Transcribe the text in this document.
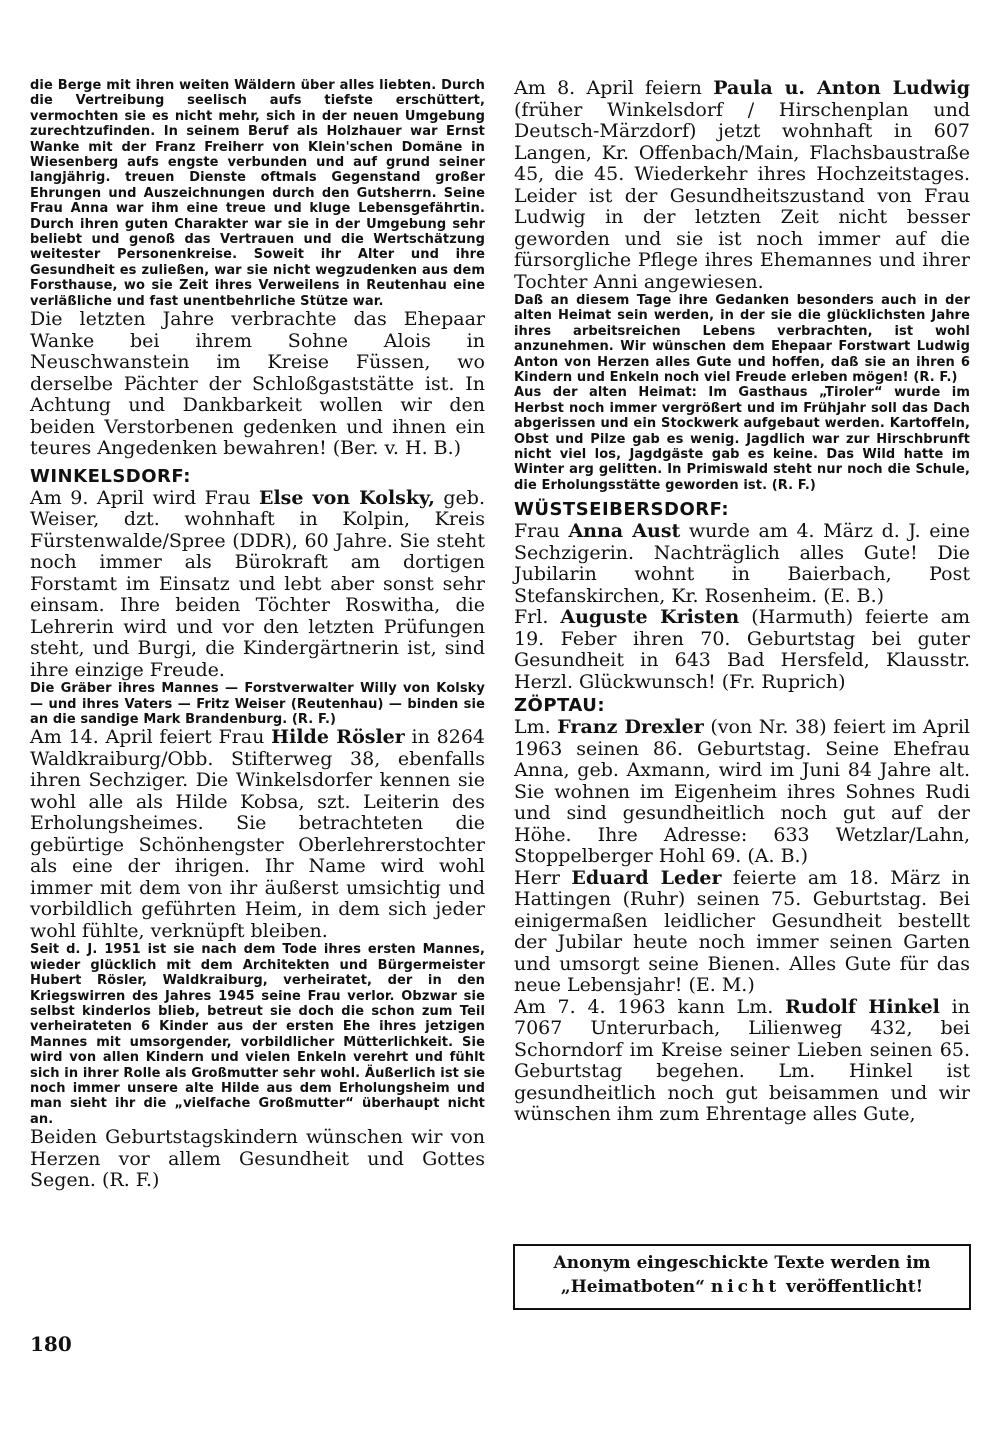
die Berge mit ihren weiten Wäldern über alles liebten. Durch die Vertreibung seelisch aufs tiefste erschüttert, vermochten sie es nicht mehr, sich in der neuen Umgebung zurechtzufinden. In seinem Beruf als Holzhauer war Ernst Wanke mit der Franz Freiherr von Klein'schen Domäne in Wiesenberg aufs engste verbunden und auf grund seiner langjährig. treuen Dienste oftmals Gegenstand großer Ehrungen und Auszeichnungen durch den Gutsherrn. Seine Frau Anna war ihm eine treue und kluge Lebensgefährtin. Durch ihren guten Charakter war sie in der Umgebung sehr beliebt und genoß das Vertrauen und die Wertschätzung weitester Personenkreise. Soweit ihr Alter und ihre Gesundheit es zuließen, war sie nicht wegzudenken aus dem Forsthause, wo sie Zeit ihres Verweilens in Reutenhau eine verläßliche und fast unentbehrliche Stütze war.

Die letzten Jahre verbrachte das Ehepaar Wanke bei ihrem Sohne Alois in Neuschwanstein im Kreise Füssen, wo derselbe Pächter der Schloßgaststätte ist. In Achtung und Dankbarkeit wollen wir den beiden Verstorbenen gedenken und ihnen ein teures Angedenken bewahren! (Ber. v. H. B.)

WINKELSDORF:

Am 9. April wird Frau Else von Kolsky, geb. Weiser, dzt. wohnhaft in Kolpin, Kreis Fürstenwalde/Spree (DDR), 60 Jahre. Sie steht noch immer als Bürokraft am dortigen Forstamt im Einsatz und lebt aber sonst sehr einsam. Ihre beiden Töchter Roswitha, die Lehrerin wird und vor den letzten Prüfungen steht, und Burgi, die Kindergärtnerin ist, sind ihre einzige Freude.

Die Gräber ihres Mannes — Forstverwalter Willy von Kolsky — und ihres Vaters — Fritz Weiser (Reutenhau) — binden sie an die sandige Mark Brandenburg. (R. F.)

Am 14. April feiert Frau Hilde Rösler in 8264 Waldkraiburg/Obb. Stifterweg 38, ebenfalls ihren Sechziger. Die Winkelsdorfer kennen sie wohl alle als Hilde Kobsa, szt. Leiterin des Erholungsheimes. Sie betrachteten die gebürtige Schönhengster Oberlehrerstochter als eine der ihrigen. Ihr Name wird wohl immer mit dem von ihr äußerst umsichtig und vorbildlich geführten Heim, in dem sich jeder wohl fühlte, verknüpft bleiben.

Seit d. J. 1951 ist sie nach dem Tode ihres ersten Mannes, wieder glücklich mit dem Architekten und Bürgermeister Hubert Rösler, Waldkraiburg, verheiratet, der in den Kriegswirren des Jahres 1945 seine Frau verlor. Obzwar sie selbst kinderlos blieb, betreut sie doch die schon zum Teil verheirateten 6 Kinder aus der ersten Ehe ihres jetzigen Mannes mit umsorgender, vorbildlicher Mütterlichkeit. Sie wird von allen Kindern und vielen Enkeln verehrt und fühlt sich in ihrer Rolle als Großmutter sehr wohl. Äußerlich ist sie noch immer unsere alte Hilde aus dem Erholungsheim und man sieht ihr die „vielfache Großmutter“ überhaupt nicht an.

Beiden Geburtstagskindern wünschen wir von Herzen vor allem Gesundheit und Gottes Segen. (R. F.)

Am 8. April feiern Paula u. Anton Ludwig (früher Winkelsdorf / Hirschenplan und Deutsch-Märzdorf) jetzt wohnhaft in 607 Langen, Kr. Offenbach/Main, Flachsbaustraße 45, die 45. Wiederkehr ihres Hochzeitstages. Leider ist der Gesundheitszustand von Frau Ludwig in der letzten Zeit nicht besser geworden und sie ist noch immer auf die fürsorgliche Pflege ihres Ehemannes und ihrer Tochter Anni angewiesen.

Daß an diesem Tage ihre Gedanken besonders auch in der alten Heimat sein werden, in der sie die glücklichsten Jahre ihres arbeitsreichen Lebens verbrachten, ist wohl anzunehmen. Wir wünschen dem Ehepaar Forstwart Ludwig Anton von Herzen alles Gute und hoffen, daß sie an ihren 6 Kindern und Enkeln noch viel Freude erleben mögen! (R. F.)

Aus der alten Heimat: Im Gasthaus „Tiroler“ wurde im Herbst noch immer vergrößert und im Frühjahr soll das Dach abgerissen und ein Stockwerk aufgebaut werden. Kartoffeln, Obst und Pilze gab es wenig. Jagdlich war zur Hirschbrunft nicht viel los, Jagdgäste gab es keine. Das Wild hatte im Winter arg gelitten. In Primiswald steht nur noch die Schule, die Erholungsstätte geworden ist. (R. F.)

WÜSTSEIBERSDORF:

Frau Anna Aust wurde am 4. März d. J. eine Sechzigerin. Nachträglich alles Gute! Die Jubilarin wohnt in Baierbach, Post Stefanskirchen, Kr. Rosenheim. (E. B.)

Frl. Auguste Kristen (Harmuth) feierte am 19. Feber ihren 70. Geburtstag bei guter Gesundheit in 643 Bad Hersfeld, Klausstr. Herzl. Glückwunsch! (Fr. Ruprich)

ZÖPTAU:

Lm. Franz Drexler (von Nr. 38) feiert im April 1963 seinen 86. Geburtstag. Seine Ehefrau Anna, geb. Axmann, wird im Juni 84 Jahre alt. Sie wohnen im Eigenheim ihres Sohnes Rudi und sind gesundheitlich noch gut auf der Höhe. Ihre Adresse: 633 Wetzlar/Lahn, Stoppelberger Hohl 69. (A. B.)

Herr Eduard Leder feierte am 18. März in Hattingen (Ruhr) seinen 75. Geburtstag. Bei einigermaßen leidlicher Gesundheit bestellt der Jubilar heute noch immer seinen Garten und umsorgt seine Bienen. Alles Gute für das neue Lebensjahr! (E. M.)

Am 7. 4. 1963 kann Lm. Rudolf Hinkel in 7067 Unterurbach, Lilienweg 432, bei Schorndorf im Kreise seiner Lieben seinen 65. Geburtstag begehen. Lm. Hinkel ist gesundheitlich noch gut beisammen und wir wünschen ihm zum Ehrentage alles Gute,

Anonym eingeschickte Texte werden im
„Heimatboten“ nicht veröffentlicht!
180
